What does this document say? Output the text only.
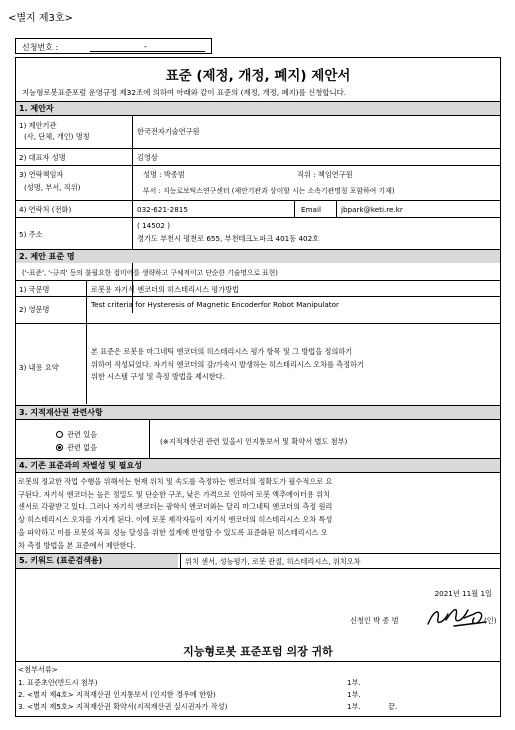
<별지 제3호>
신청번호 :	-
표준 (제정, 개정, 폐지) 제안서
지능형로봇표준포럼 운영규정 제32조에 의하여 아래와 같이 표준의 (제정, 개정, 폐지)를 신청합니다.
1. 제안자
1) 제안기관
(사, 단체, 개인) 명칭
한국전자기술연구원
2) 대표자 성명	김영삼
3) 연락책임자
(성명, 부서, 직위)
성명 : 박종범	직위 : 책임연구원
부서 : 지능로보틱스연구센터 (제안기관과 상이할 시는 소속기관명칭 포함하여 기재)
4) 연락처 (전화)	032-621-2815	Email	jbpark@keti.re.kr
5) 주소
( 14502 )
경기도 부천시 평천로 655, 부천테크노파크 401동 402호
2. 제안 표준 명
('-표준', '-규격' 등의 불필요한 접미어를 생략하고 구체적이고 단순한 기술명으로 표현)
1) 국문명	로봇용 자기식 엔코더의 히스테리시스 평가방법
2) 영문명
Test criteria for Hysteresis of Magnetic Encoderfor Robot Manipulator
3) 내용 요약
본 표준은 로봇용 마그네틱 엔코더의 히스테리시스 평가 항목 및 그 방법을 정의하기
위하여 작성되었다. 자기식 엔코더의 감/가속시 발생하는 히스테리시스 오차를 측정하기
위한 시스템 구성 및 측정 방법을 제시한다.
3. 지적재산권 관련사항
관련 있음
관련 없음
(※지적재산권 관련 있을시 인지통보서 및 확약서 별도 첨부)
4. 기존 표준과의 차별성 및 필요성
로봇의 정교한 작업 수행을 위해서는 현재 위치 및 속도를 측정하는 엔코더의 정확도가 필수적으로 요
구된다. 자기식 엔코더는 높은 정밀도 및 단순한 구조, 낮은 가격으로 인하여 로봇 액추에이터용 위치
센서로 각광받고 있다. 그러나 자기식 엔코더는 광학식 엔코더와는 달리 마그네틱 엔코더의 측정 원리
상 히스테리시스 오차를 가지게 된다. 이에 로봇 제작자들이 자기식 엔코더의 히스테리시스 오차 특성
을 파악하고 이를 로봇의 목표 성능 달성을 위한 설계에 반영할 수 있도록 표준화된 히스테리시스 오
차 측정 방법을 본 표준에서 제안한다.
5. 키워드 (표준검색용)	위치 센서, 성능평가, 로봇 관절, 히스테리시스, 위치오차
2021년 11월 1일
신청인 박 종 범	(인)
지능형로봇 표준포럼 의장 귀하
<첨부서류>
1. 표준초안(반드시 첨부)	1부.
2. <별지 제4호> 지적재산권 인지통보서 (인지한 경우에 한함)	1부.
3. <별지 제5호> 지적재산권 확약서(지적재산권 실시권자가 작성)	1부.	끝.
